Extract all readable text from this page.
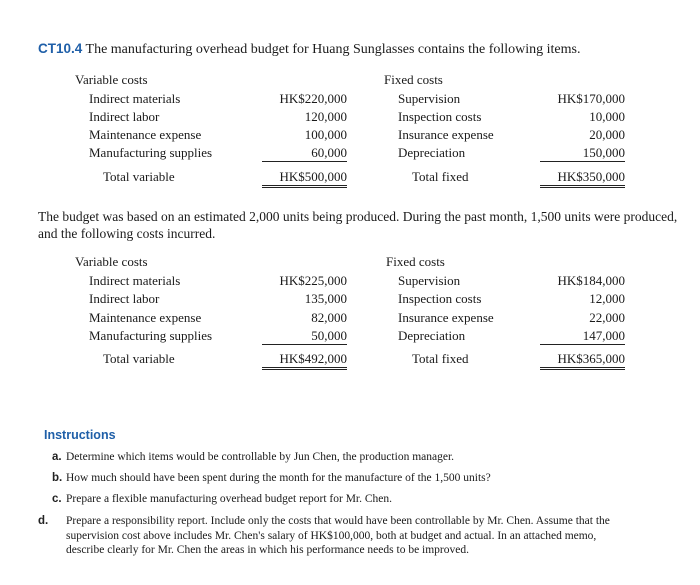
CT10.4 The manufacturing overhead budget for Huang Sunglasses contains the following items.
Variable costs
Indirect materials
Indirect labor
Maintenance expense
Manufacturing supplies
Total variable
HK$220,000
120,000
100,000
60,000
HK$500,000
Fixed costs
Supervision
Inspection costs
Insurance expense
Depreciation
Total fixed
HK$170,000
10,000
20,000
150,000
HK$350,000
The budget was based on an estimated 2,000 units being produced. During the past month, 1,500 units were produced, and the following costs incurred.
Variable costs
Indirect materials
Indirect labor
Maintenance expense
Manufacturing supplies
Total variable
HK$225,000
135,000
82,000
50,000
HK$492,000
Fixed costs
Supervision
Inspection costs
Insurance expense
Depreciation
Total fixed
HK$184,000
12,000
22,000
147,000
HK$365,000
Instructions
a. Determine which items would be controllable by Jun Chen, the production manager.
b. How much should have been spent during the month for the manufacture of the 1,500 units?
c. Prepare a flexible manufacturing overhead budget report for Mr. Chen.
d. Prepare a responsibility report. Include only the costs that would have been controllable by Mr. Chen. Assume that the supervision cost above includes Mr. Chen's salary of HK$100,000, both at budget and actual. In an attached memo, describe clearly for Mr. Chen the areas in which his performance needs to be improved.
